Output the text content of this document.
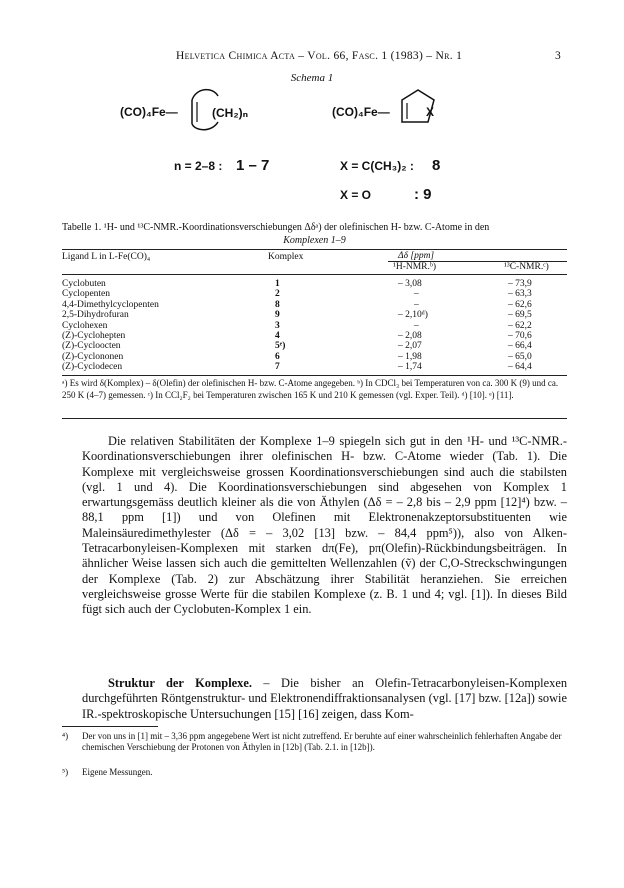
Helvetica Chimica Acta – Vol. 66, Fasc. 1 (1983) – Nr. 1	3
Schema 1
(CO)₄Fe—	(CH₂)ₙ	(CO)₄Fe—	X
n = 2–8 : 1 – 7	X = C(CH₃)₂ : 8
X = O	: 9
Tabelle 1. ¹H- und ¹³C-NMR.-Koordinationsverschiebungen Δδᵃ) der olefinischen H- bzw. C-Atome in den
Komplexen 1–9
Ligand L in L-Fe(CO)₄	Komplex	Δδ [ppm]
¹H-NMR.ᵇ)	¹³C-NMR.ᶜ)
Cyclobuten	1	– 3,08	– 73,9
Cyclopenten	2	–	– 63,3
4,4-Dimethylcyclopenten	8	–	– 62,6
2,5-Dihydrofuran	9	– 2,10ᵈ)	– 69,5
Cyclohexen	3	–	– 62,2
(Z)-Cyclohepten	4	– 2,08	– 70,6
(Z)-Cycloocten	5ᵉ)	– 2,07	– 66,4
(Z)-Cyclononen	6	– 1,98	– 65,0
(Z)-Cyclodecen	7	– 1,74	– 64,4
ᵃ) Es wird δ(Komplex) – δ(Olefin) der olefinischen H- bzw. C-Atome angegeben. ᵇ) In CDCl₃ bei Temperaturen von ca. 300 K (9) und ca. 250 K (4–7) gemessen. ᶜ) In CCl₂F₂ bei Temperaturen zwischen 165 K und 210 K gemessen (vgl. Exper. Teil). ᵈ) [10]. ᵉ) [11].

Die relativen Stabilitäten der Komplexe 1–9 spiegeln sich gut in den ¹H- und ¹³C-NMR.-Koordinationsverschiebungen ihrer olefinischen H- bzw. C-Atome wieder (Tab. 1). Die Komplexe mit vergleichsweise grossen Koordinationsverschiebungen sind auch die stabilsten (vgl. 1 und 4). Die Koordinationsverschiebungen sind abgesehen von Komplex 1 erwartungsgemäss deutlich kleiner als die von Äthylen (Δδ = – 2,8 bis – 2,9 ppm [12]⁴) bzw. – 88,1 ppm [1]) und von Olefinen mit Elektronenakzeptorsubstituenten wie Maleinsäuredimethylester (Δδ = – 3,02 [13] bzw. – 84,4 ppm⁵)), also von Alken-Tetracarbonyleisen-Komplexen mit starken dπ(Fe), pπ(Olefin)-Rückbindungsbeiträgen. In ähnlicher Weise lassen sich auch die gemittelten Wellenzahlen (ṽ) der C,O-Streckschwingungen der Komplexe (Tab. 2) zur Abschätzung ihrer Stabilität heranziehen. Sie erreichen vergleichsweise grosse Werte für die stabilen Komplexe (z. B. 1 und 4; vgl. [1]). In dieses Bild fügt sich auch der Cyclobuten-Komplex 1 ein.

Struktur der Komplexe. – Die bisher an Olefin-Tetracarbonyleisen-Komplexen durchgeführten Röntgenstruktur- und Elektronendiffraktionsanalysen (vgl. [17] bzw. [12a]) sowie IR.-spektroskopische Untersuchungen [15] [16] zeigen, dass Kom-

⁴) Der von uns in [1] mit – 3,36 ppm angegebene Wert ist nicht zutreffend. Er beruhte auf einer wahrscheinlich fehlerhaften Angabe der chemischen Verschiebung der Protonen von Äthylen in [12b] (Tab. 2.1. in [12b]).
⁵) Eigene Messungen.
